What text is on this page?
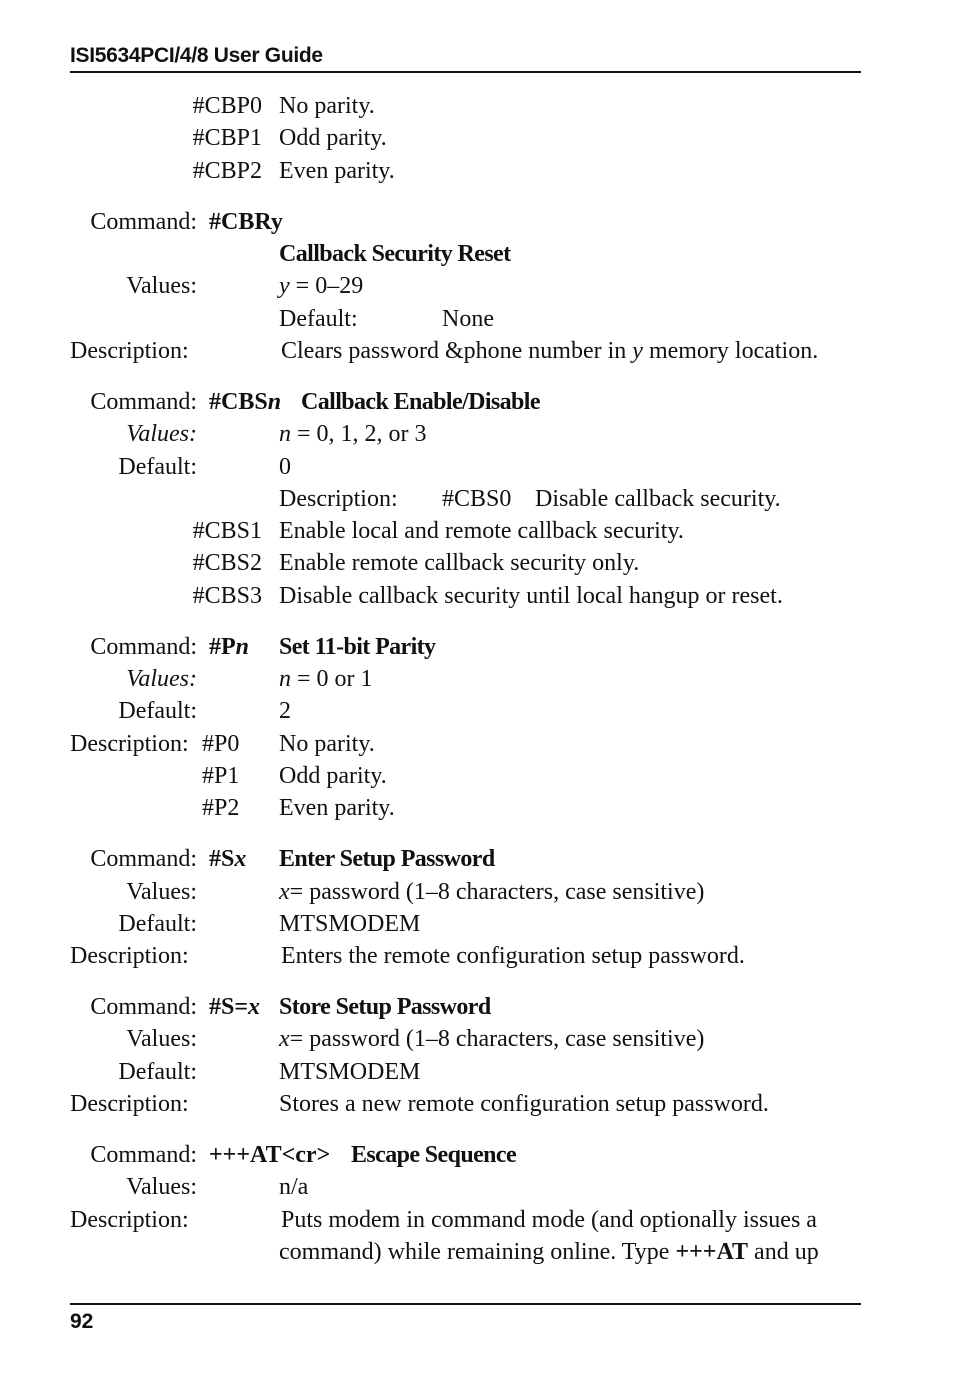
ISI5634PCI/4/8 User Guide
#CBP0 No parity.
#CBP1 Odd parity.
#CBP2 Even parity.
Command: #CBRy
Callback Security Reset
Values:	y = 0–29
Default:	None
Description:	Clears password &phone number in y memory location.
Command: #CBSn Callback Enable/Disable
Values:	n = 0, 1, 2, or 3
Default:	0
Description: #CBS0 Disable callback security.
#CBS1 Enable local and remote callback security.
#CBS2 Enable remote callback security only.
#CBS3 Disable callback security until local hangup or reset.
Command: #Pn Set 11-bit Parity
Values:	n = 0 or 1
Default:	2
Description: #P0 No parity.
#P1 Odd parity.
#P2 Even parity.
Command: #Sx Enter Setup Password
Values:	x= password (1–8 characters, case sensitive)
Default:	MTSMODEM
Description:	Enters the remote configuration setup password.
Command: #S=x Store Setup Password
Values:	x= password (1–8 characters, case sensitive)
Default:	MTSMODEM
Description:	Stores a new remote configuration setup password.
Command: +++AT<cr> Escape Sequence
Values:	n/a
Description:	Puts modem in command mode (and optionally issues a
command) while remaining online. Type +++AT and up
92
